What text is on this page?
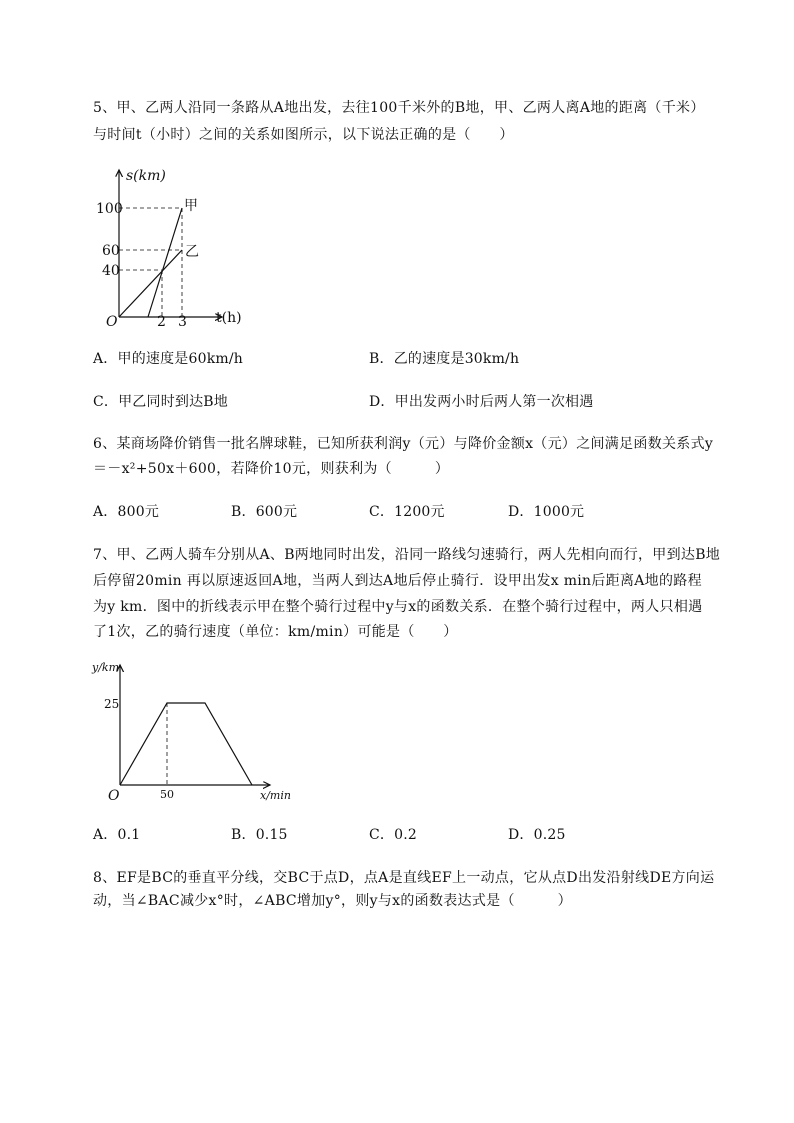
5、甲、乙两人沿同一条路从A地出发，去往100千米外的B地，甲、乙两人离A地的距离（千米）
与时间t（小时）之间的关系如图所示，以下说法正确的是（　　）
s(km)
100
60
40
O	2 3 t(h)
甲
乙
A．甲的速度是60km/h	B．乙的速度是30km/h
C．甲乙同时到达B地	D．甲出发两小时后两人第一次相遇
6、某商场降价销售一批名牌球鞋，已知所获利润y（元）与降价金额x（元）之间满足函数关系式y
＝－x²+50x＋600，若降价10元，则获利为（　　　）
A．800元	B．600元	C．1200元	D．1000元
7、甲、乙两人骑车分别从A、B两地同时出发，沿同一路线匀速骑行，两人先相向而行，甲到达B地
后停留20min 再以原速返回A地，当两人到达A地后停止骑行．设甲出发x min后距离A地的路程
为y km．图中的折线表示甲在整个骑行过程中y与x的函数关系．在整个骑行过程中，两人只相遇
了1次，乙的骑行速度（单位：km/min）可能是（　　）
y/km
25
O	50	x/min
A．0.1	B．0.15	C．0.2	D．0.25
8、EF是BC的垂直平分线，交BC于点D，点A是直线EF上一动点，它从点D出发沿射线DE方向运
动，当∠BAC减少x°时，∠ABC增加y°，则y与x的函数表达式是（　　　）
